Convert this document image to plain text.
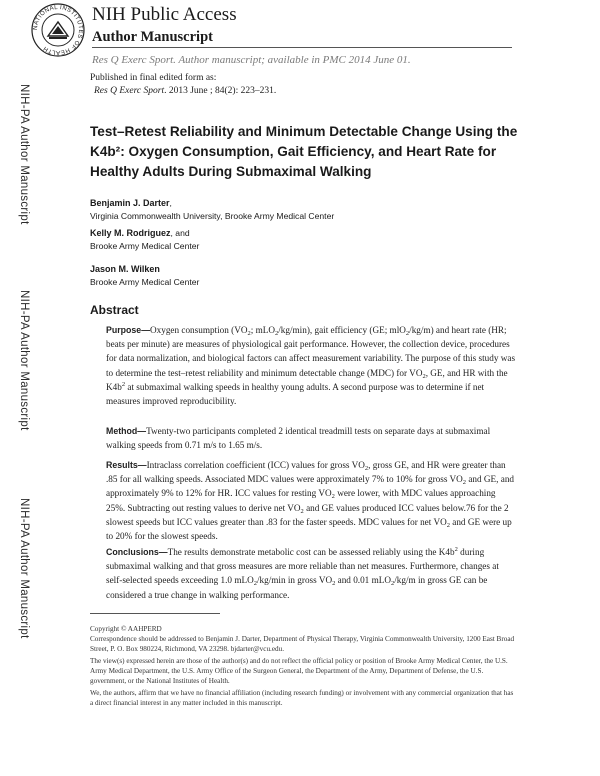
NATIONAL INSTITUTES OF HEALTH
NIH Public Access
Author Manuscript
Res Q Exerc Sport. Author manuscript; available in PMC 2014 June 01.
Published in final edited form as:
Res Q Exerc Sport. 2013 June ; 84(2): 223–231.
NIH-PA Author Manuscript
NIH-PA Author Manuscript
NIH-PA Author Manuscript
Test–Retest Reliability and Minimum Detectable Change Using the K4b²: Oxygen Consumption, Gait Efficiency, and Heart Rate for Healthy Adults During Submaximal Walking
Benjamin J. Darter,
Virginia Commonwealth University, Brooke Army Medical Center
Kelly M. Rodriguez, and
Brooke Army Medical Center
Jason M. Wilken
Brooke Army Medical Center
Abstract
Purpose—Oxygen consumption ($VO_2$; mLO$_2$/kg/min), gait efficiency (GE; mlO$_2$/kg/m) and heart rate (HR; beats per minute) are measures of physiological gait performance. However, the collection device, procedures for data normalization, and biological factors can affect measurement variability. The purpose of this study was to determine the test–retest reliability and minimum detectable change (MDC) for $VO_2$, GE, and HR with the $K4b^2$ at submaximal walking speeds in healthy young adults. A second purpose was to determine if net measures improved reproducibility.
Method—Twenty-two participants completed 2 identical treadmill tests on separate days at submaximal walking speeds from 0.71 m/s to 1.65 m/s.
Results—Intraclass correlation coefficient (ICC) values for gross $VO_2$, gross GE, and HR were greater than .85 for all walking speeds. Associated MDC values were approximately 7% to 10% for gross $VO_2$ and GE, and approximately 9% to 12% for HR. ICC values for resting $VO_2$ were lower, with MDC values approaching 25%. Subtracting out resting values to derive net $VO_2$ and GE values produced ICC values below.76 for the 2 slowest speeds but ICC values greater than .83 for the faster speeds. MDC values for net $VO_2$ and GE were up to 20% for the slowest speeds.
Conclusions—The results demonstrate metabolic cost can be assessed reliably using the $K4b^2$ during submaximal walking and that gross measures are more reliable than net measures. Furthermore, changes at self-selected speeds exceeding 1.0 mLO$_2$/kg/min in gross $VO_2$ and 0.01 mLO$_2$/kg/m in gross GE can be considered a true change in walking performance.
Copyright © AAHPERD
Correspondence should be addressed to Benjamin J. Darter, Department of Physical Therapy, Virginia Commonwealth University, 1200 East Broad Street, P. O. Box 980224, Richmond, VA 23298. bjdarter@vcu.edu.
The view(s) expressed herein are those of the author(s) and do not reflect the official policy or position of Brooke Army Medical Center, the U.S. Army Medical Department, the U.S. Army Office of the Surgeon General, the Department of the Army, Department of Defense, the U.S. government, or the National Institutes of Health.
We, the authors, affirm that we have no financial affiliation (including research funding) or involvement with any commercial organization that has a direct financial interest in any matter included in this manuscript.
